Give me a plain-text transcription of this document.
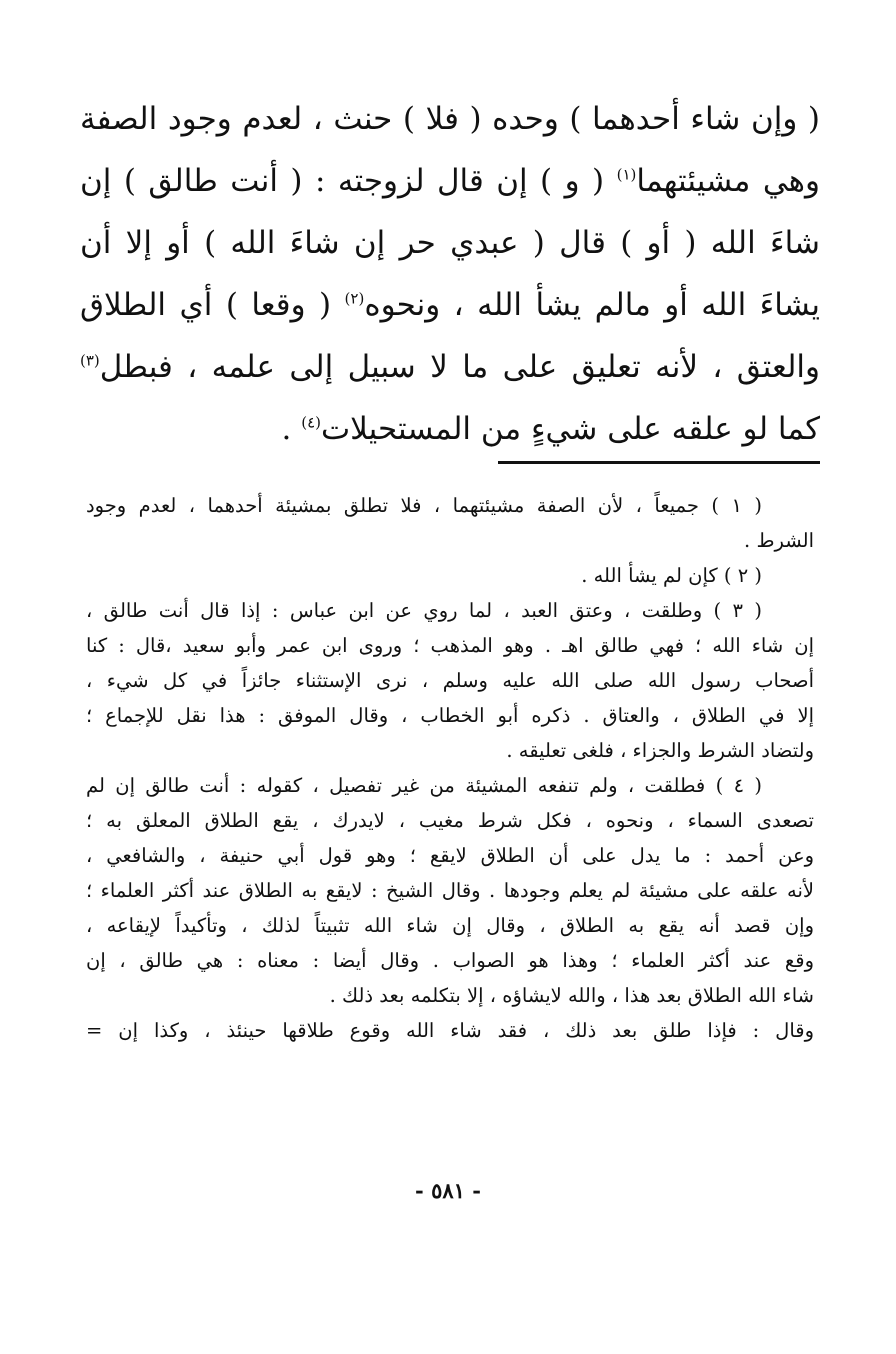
( وإن شاء أحدهما ) وحده ( فلا ) حنث ، لعدم وجود الصفة
وهي مشيئتهما$^{(١)}$ ( و ) إن قال لزوجته : ( أنت طالق ) إن
شاءَ الله ( أو ) قال ( عبدي حر إن شاءَ الله ) أو إلا أن
يشاءَ الله أو مالم يشأ الله ، ونحوه$^{(٢)}$ ( وقعا ) أي الطلاق
والعتق ، لأنه تعليق على ما لا سبيل إلى علمه ، فبطل$^{(٣)}$
كما لو علقه على شيءٍ من المستحيلات$^{(٤)}$ .
( ١ ) جميعاً ، لأن الصفة مشيئتهما ، فلا تطلق بمشيئة أحدهما ، لعدم وجود
الشرط .
( ٢ ) كإن لم يشأ الله .
( ٣ ) وطلقت ، وعتق العبد ، لما روي عن ابن عباس : إذا قال أنت طالق ،
إن شاء الله ؛ فهي طالق اهـ . وهو المذهب ؛ وروى ابن عمر وأبو سعيد ،قال : كنا
أصحاب رسول الله صلى الله عليه وسلم ، نرى الإستثناء جائزاً في كل شيء ،
إلا في الطلاق ، والعتاق . ذكره أبو الخطاب ، وقال الموفق : هذا نقل للإجماع ؛
ولتضاد الشرط والجزاء ، فلغى تعليقه .
( ٤ ) فطلقت ، ولم تنفعه المشيئة من غير تفصيل ، كقوله : أنت طالق إن لم
تصعدى السماء ، ونحوه ، فكل شرط مغيب ، لايدرك ، يقع الطلاق المعلق به ؛
وعن أحمد : ما يدل على أن الطلاق لايقع ؛ وهو قول أبي حنيفة ، والشافعي ،
لأنه علقه على مشيئة لم يعلم وجودها . وقال الشيخ : لايقع به الطلاق عند أكثر العلماء ؛
وإن قصد أنه يقع به الطلاق ، وقال إن شاء الله تثبيتاً لذلك ، وتأكيداً لإيقاعه ،
وقع عند أكثر العلماء ؛ وهذا هو الصواب . وقال أيضا : معناه : هي طالق ، إن
شاء الله الطلاق بعد هذا ، والله لايشاؤه ، إلا بتكلمه بعد ذلك .
وقال : فإذا طلق بعد ذلك ، فقد شاء الله وقوع طلاقها حينئذ ، وكذا إن =
- ٥٨١ -
